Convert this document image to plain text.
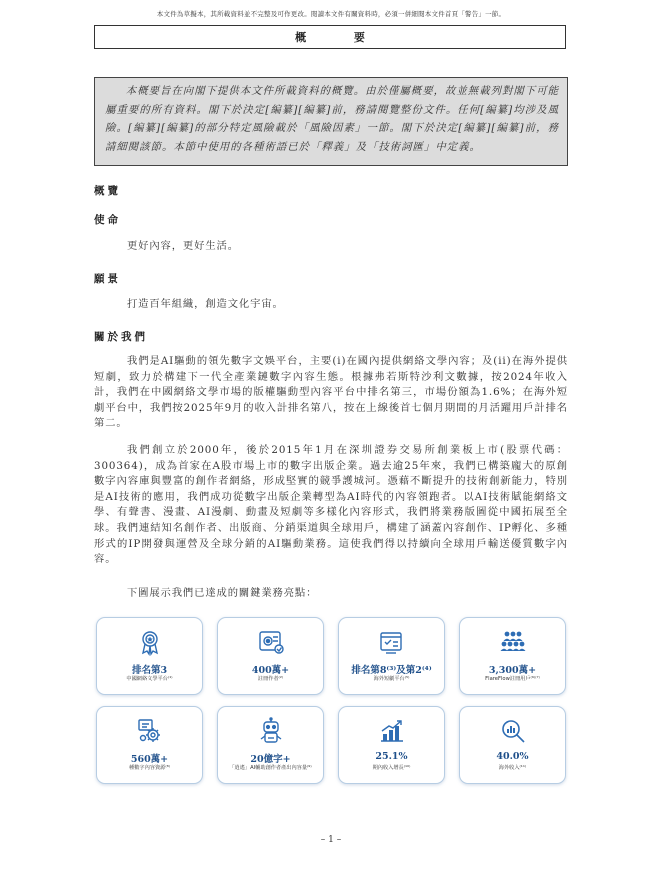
本文件為草擬本，其所載資料並不完整及可作更改。閱讀本文件有關資料時，必須一併細閱本文件首頁「警告」一節。
概 要

本概要旨在向閣下提供本文件所載資料的概覽。由於僅屬概要，故並無載列對閣下可能屬重要的所有資料。閣下於決定[編纂][編纂]前，務請閱覽整份文件。任何[編纂]均涉及風險。[編纂][編纂]的部分特定風險載於「風險因素」一節。閣下於決定[編纂][編纂]前，務請細閱該節。本節中使用的各種術語已於「釋義」及「技術詞匯」中定義。

概覽
使命
更好內容，更好生活。
願景
打造百年組織，創造文化宇宙。
關於我們
我們是AI驅動的領先數字文娛平台，主要(i)在國內提供網絡文學內容；及(ii)在海外提供短劇，致力於構建下一代全產業鏈數字內容生態。根據弗若斯特沙利文數據，按2024年收入計，我們在中國網絡文學市場的版權驅動型內容平台中排名第三，市場份額為1.6%；在海外短劇平台中，我們按2025年9月的收入計排名第八，按在上線後首七個月期間的月活躍用戶計排名第二。
我們創立於2000年，後於2015年1月在深圳證券交易所創業板上市(股票代碼：300364)，成為首家在A股市場上市的數字出版企業。過去逾25年來，我們已構築龐大的原創數字內容庫與豐富的創作者網絡，形成堅實的競爭護城河。憑藉不斷提升的技術創新能力，特別是AI技術的應用，我們成功從數字出版企業轉型為AI時代的內容領跑者。以AI技術賦能網絡文學、有聲書、漫畫、AI漫劇、動畫及短劇等多樣化內容形式，我們將業務版圖從中國拓展至全球。我們連結知名創作者、出版商、分銷渠道與全球用戶，構建了涵蓋內容創作、IP孵化、多種形式的IP開發與運營及全球分銷的AI驅動業務。這使我們得以持續向全球用戶輸送優質數字內容。
下圖展示我們已達成的關鍵業務亮點：
排名第3
中國網絡文學平台⁽¹⁾
400萬+
註冊作者⁽²⁾
排名第8⁽³⁾及第2⁽⁴⁾
海外短劇平台⁽⁵⁾
3,300萬+
FlareFlow註冊用戶⁽⁶⁾⁽⁷⁾
560萬+
種數字內容資源⁽⁸⁾
20億字+
「逍遙」AI輔助創作者產出內容量⁽⁹⁾
25.1%
期內收入增長⁽¹⁰⁾
40.0%
海外收入⁽¹¹⁾
– 1 –
